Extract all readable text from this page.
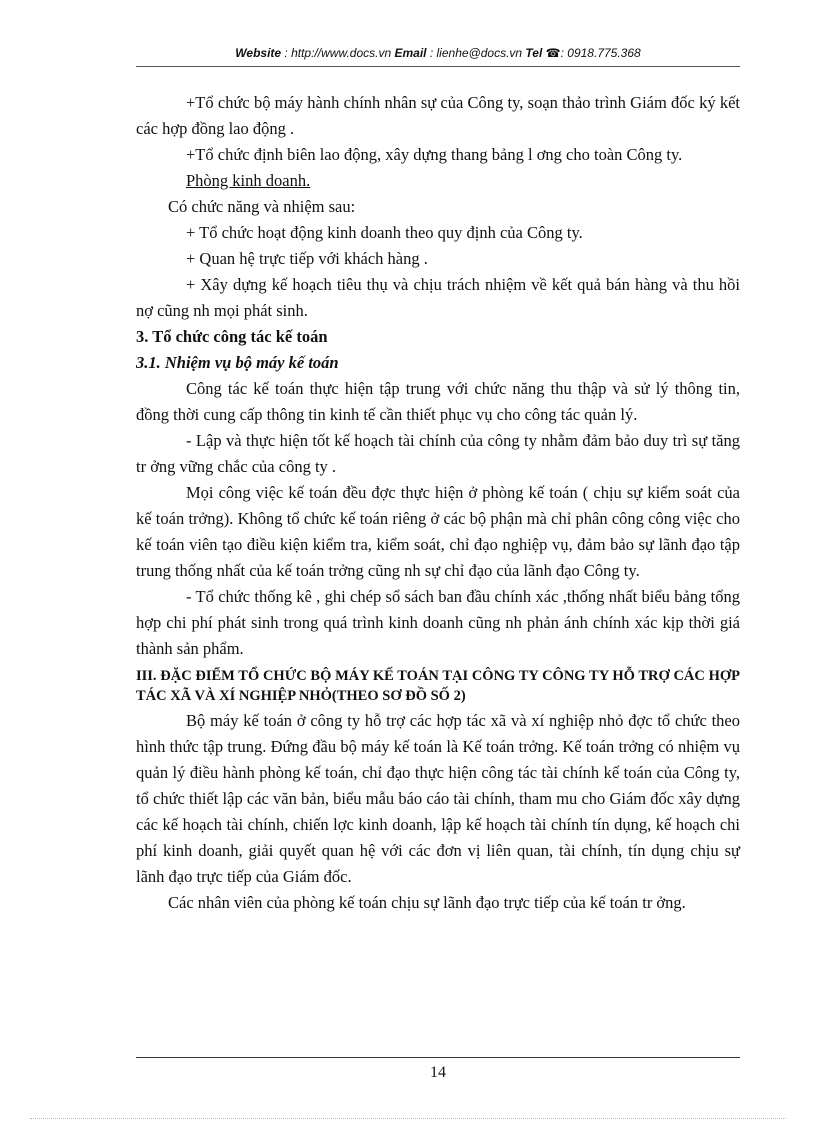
Website : http://www.docs.vn Email : lienhe@docs.vn Tel ☎: 0918.775.368

+Tổ chức bộ máy hành chính nhân sự của Công ty, soạn thảo trình Giám đốc ký kết các hợp đồng lao động .

+Tổ chức định biên lao động, xây dựng thang bảng l ơng cho toàn Công ty.

Phòng kinh doanh.

Có chức năng và nhiệm sau:

+ Tổ chức hoạt động kinh doanh theo quy định của Công ty.

+ Quan hệ trực tiếp với khách hàng .

+ Xây dựng kế hoạch tiêu thụ và chịu trách nhiệm về kết quả bán hàng và thu hồi nợ cũng nh mọi phát sinh.

3. Tổ chức công tác kế toán

3.1. Nhiệm vụ bộ máy kế toán

Công tác kế toán thực hiện tập trung với chức năng thu thập và sử lý thông tin, đồng thời cung cấp thông tin kinh tế cần thiết phục vụ cho công tác quản lý.

- Lập và thực hiện tốt kế hoạch tài chính của công ty nhằm đảm bảo duy trì sự tăng tr ởng vững chắc của công ty .

Mọi công việc kế toán đều đợc thực hiện ở phòng kế toán ( chịu sự kiểm soát của kế toán trởng). Không tổ chức kế toán riêng ở các bộ phận mà chỉ phân công công việc cho kế toán viên tạo điều kiện kiểm tra, kiểm soát, chỉ đạo nghiệp vụ, đảm bảo sự lãnh đạo tập trung thống nhất của kế toán trởng cũng nh sự chỉ đạo của lãnh đạo Công ty.

- Tổ chức thống kê , ghi chép sổ sách ban đầu chính xác ,thống nhất biểu bảng tổng hợp chi phí phát sinh trong quá trình kinh doanh cũng nh phản ánh chính xác kịp thời giá thành sản phẩm.

III. ĐẶC ĐIỂM TỔ CHỨC BỘ MÁY KẾ TOÁN TẠI CÔNG TY CÔNG TY HỖ TRỢ CÁC HỢP TÁC XÃ VÀ XÍ NGHIỆP NHỎ(THEO SƠ ĐỒ SỐ 2)

Bộ máy kế toán ở công ty hỗ trợ các hợp tác xã và xí nghiệp nhỏ đợc tổ chức theo hình thức tập trung. Đứng đầu bộ máy kế toán là Kế toán trởng. Kế toán trởng có nhiệm vụ quản lý điều hành phòng kế toán, chỉ đạo thực hiện công tác tài chính kế toán của Công ty, tổ chức thiết lập các văn bản, biểu mẫu báo cáo tài chính, tham mu cho Giám đốc xây dựng các kế hoạch tài chính, chiến lợc kinh doanh, lập kế hoạch tài chính tín dụng, kế hoạch chi phí kinh doanh, giải quyết quan hệ với các đơn vị liên quan, tài chính, tín dụng chịu sự lãnh đạo trực tiếp của Giám đốc.

Các nhân viên của phòng kế toán chịu sự lãnh đạo trực tiếp của kế toán tr ởng.

14
